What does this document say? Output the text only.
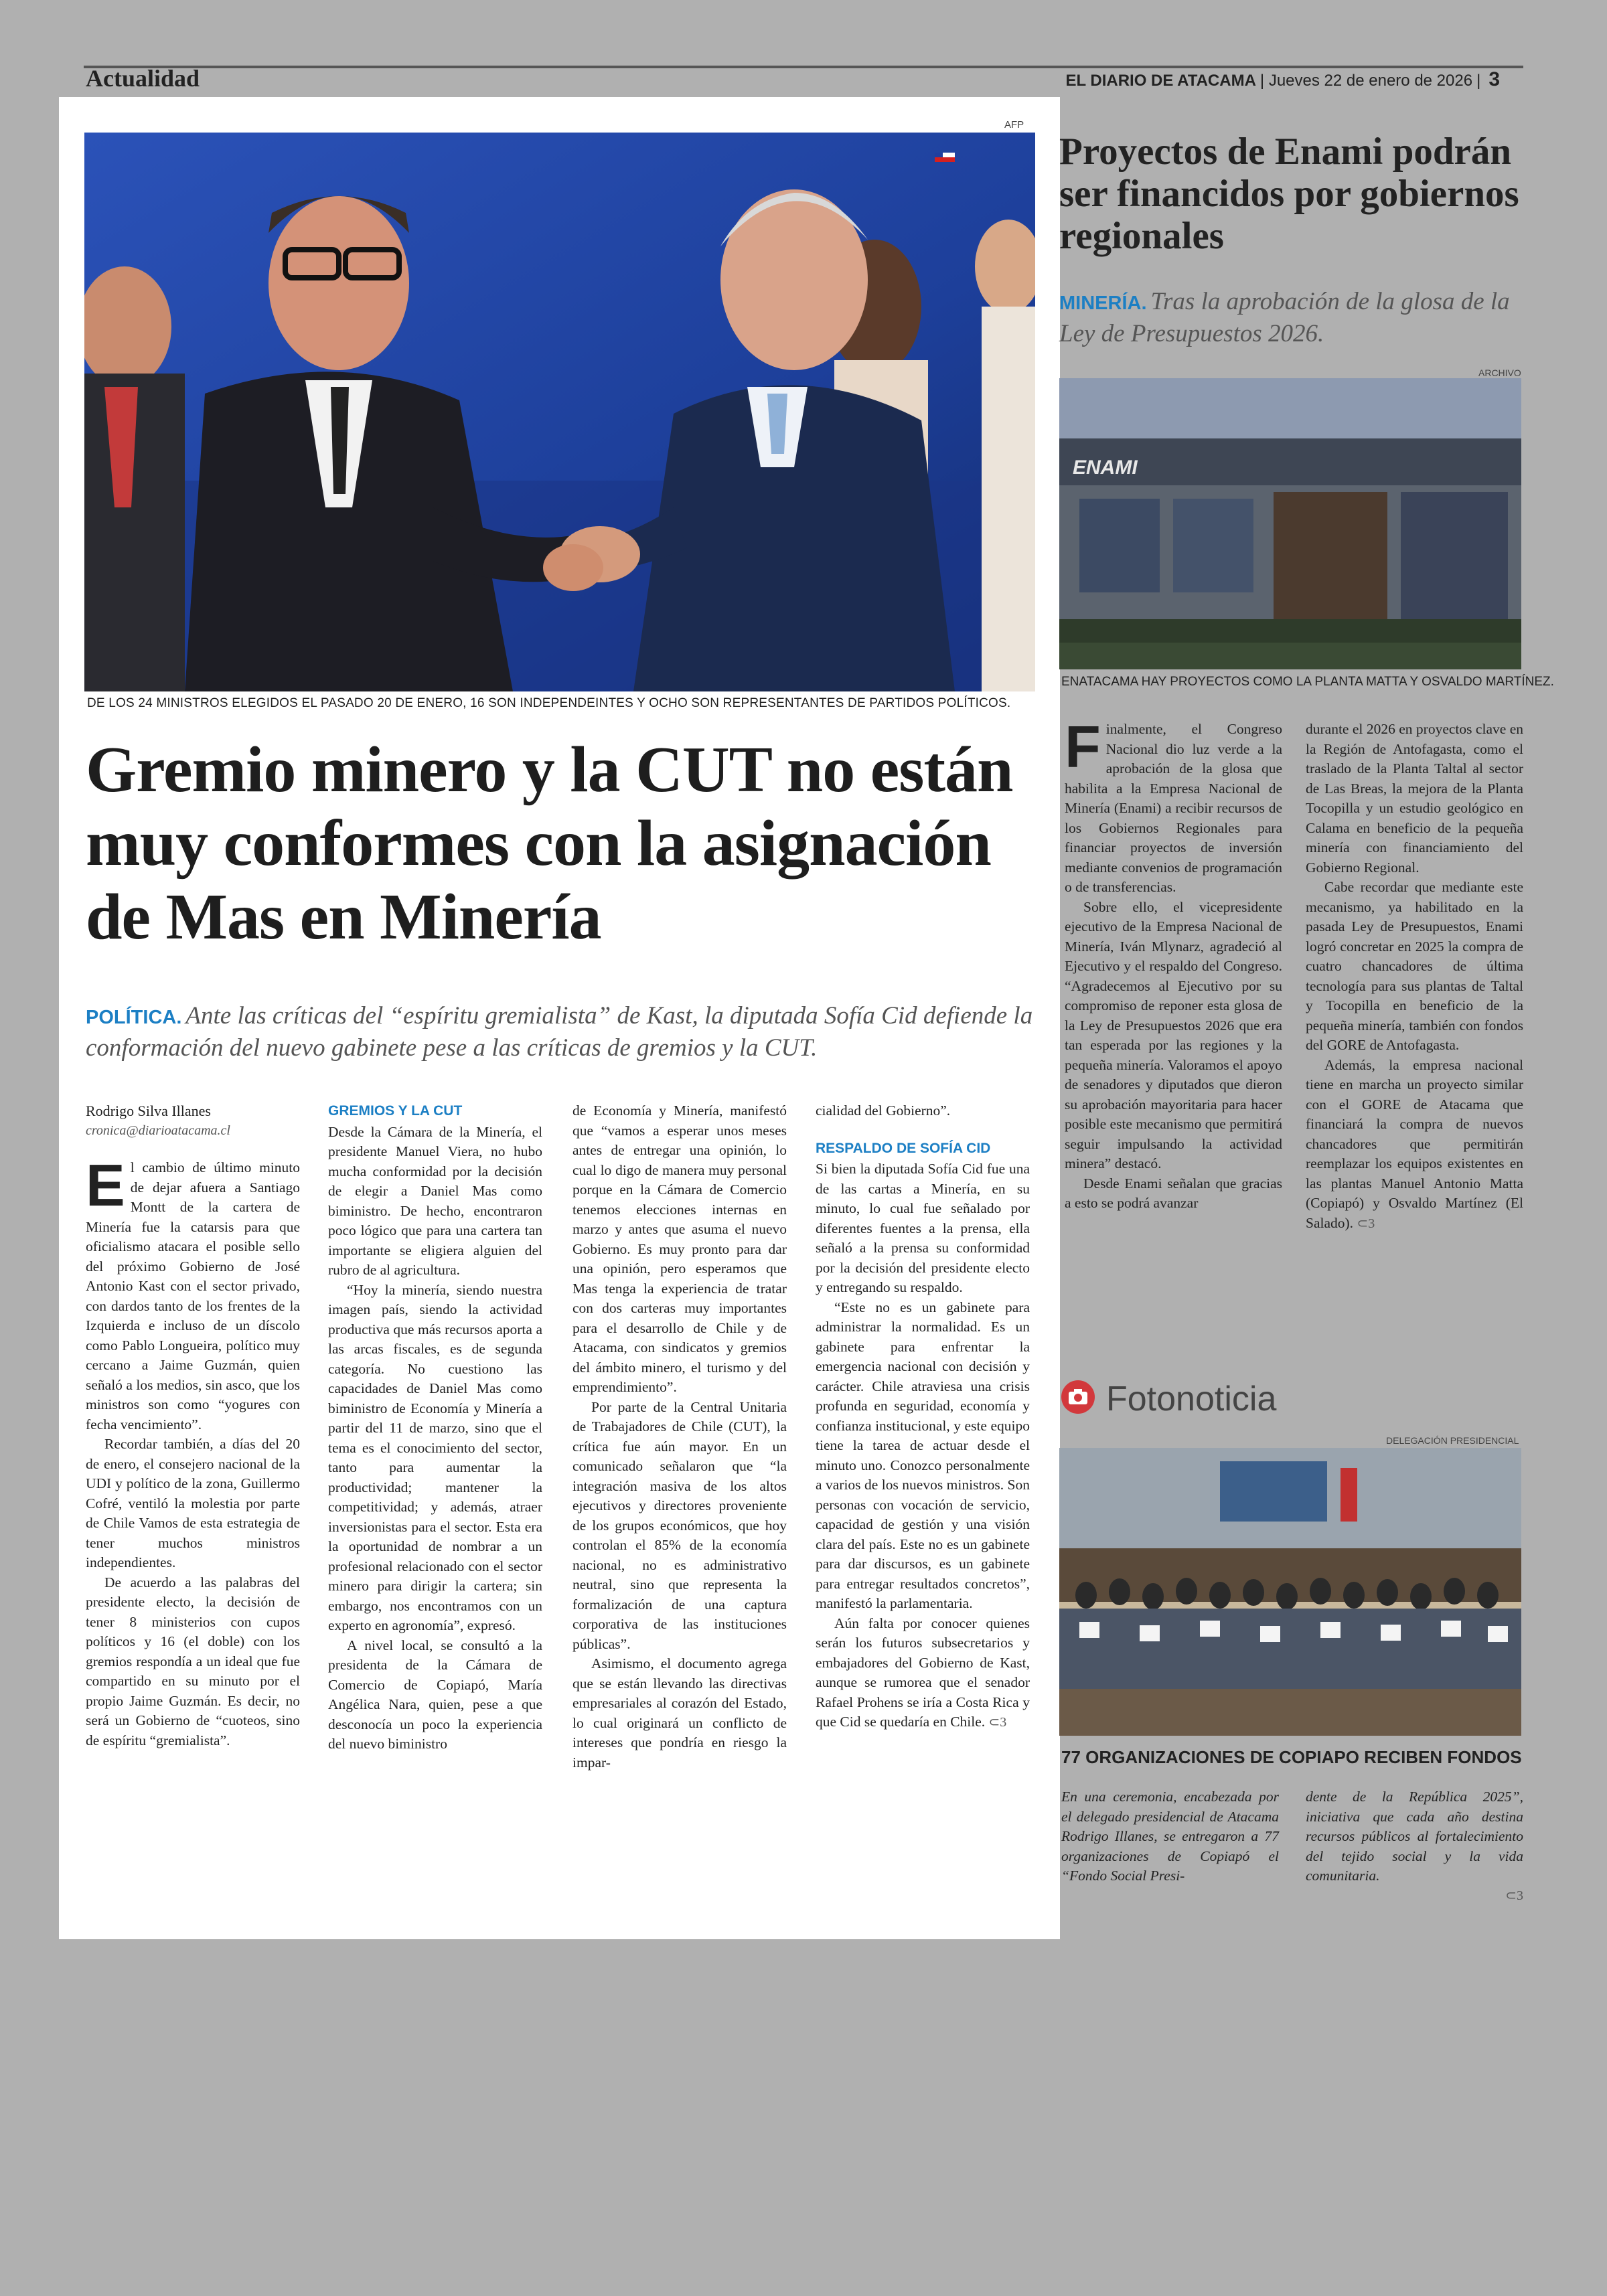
Actualidad	EL DIARIO DE ATACAMA | Jueves 22 de enero de 2026 | 3
AFP
DE LOS 24 MINISTROS ELEGIDOS EL PASADO 20 DE ENERO, 16 SON INDEPENDEINTES Y OCHO SON REPRESENTANTES DE PARTIDOS POLÍTICOS.
Gremio minero y la CUT no están muy conformes con la asignación de Mas en Minería
POLÍTICA. Ante las críticas del “espíritu gremialista” de Kast, la diputada Sofía Cid defiende la conformación del nuevo gabinete pese a las críticas de gremios y la CUT.
Rodrigo Silva Illanes
cronica@diarioatacama.cl

El cambio de último minuto de dejar afuera a Santiago Montt de la cartera de Minería fue la catarsis para que oficialismo atacara el posible sello del próximo Gobierno de José Antonio Kast con el sector privado, con dardos tanto de los frentes de la Izquierda e incluso de un díscolo como Pablo Longueira, político muy cercano a Jaime Guzmán, quien señaló a los medios, sin asco, que los ministros son como “yogures con fecha vencimiento”.

Recordar también, a días del 20 de enero, el consejero nacional de la UDI y político de la zona, Guillermo Cofré, ventiló la molestia por parte de Chile Vamos de esta estrategia de tener muchos ministros independientes.

De acuerdo a las palabras del presidente electo, la decisión de tener 8 ministerios con cupos políticos y 16 (el doble) con los gremios respondía a un ideal que fue compartido en su minuto por el propio Jaime Guzmán. Es decir, no será un Gobierno de “cuoteos, sino de espíritu “gremialista”.

GREMIOS Y LA CUT

Desde la Cámara de la Minería, el presidente Manuel Viera, no hubo mucha conformidad por la decisión de elegir a Daniel Mas como biministro. De hecho, encontraron poco lógico que para una cartera tan importante se eligiera alguien del rubro de al agricultura.

“Hoy la minería, siendo nuestra imagen país, siendo la actividad productiva que más recursos aporta a las arcas fiscales, es de segunda categoría. No cuestiono las capacidades de Daniel Mas como biministro de Economía y Minería a partir del 11 de marzo, sino que el tema es el conocimiento del sector, tanto para aumentar la productividad; mantener la competitividad; y además, atraer inversionistas para el sector. Esta era la oportunidad de nombrar a un profesional relacionado con el sector minero para dirigir la cartera; sin embargo, nos encontramos con un experto en agronomía”, expresó.

A nivel local, se consultó a la presidenta de la Cámara de Comercio de Copiapó, María Angélica Nara, quien, pese a que desconocía un poco la experiencia del nuevo biministro

de Economía y Minería, manifestó que “vamos a esperar unos meses antes de entregar una opinión, lo cual lo digo de manera muy personal porque en la Cámara de Comercio tenemos elecciones internas en marzo y antes que asuma el nuevo Gobierno. Es muy pronto para dar una opinión, pero esperamos que Mas tenga la experiencia de tratar con dos carteras muy importantes para el desarrollo de Chile y de Atacama, con sindicatos y gremios del ámbito minero, el turismo y del emprendimiento”.

Por parte de la Central Unitaria de Trabajadores de Chile (CUT), la crítica fue aún mayor. En un comunicado señalaron que “la integración masiva de los altos ejecutivos y directores proveniente de los grupos económicos, que hoy controlan el 85% de la economía nacional, no es administrativo neutral, sino que representa la formalización de una captura corporativa de las instituciones públicas”.

Asimismo, el documento agrega que se están llevando las directivas empresariales al corazón del Estado, lo cual originará un conflicto de intereses que pondría en riesgo la impar-

cialidad del Gobierno”.

RESPALDO DE SOFÍA CID

Si bien la diputada Sofía Cid fue una de las cartas a Minería, en su minuto, lo cual fue señalado por diferentes fuentes a la prensa, ella señaló a la prensa su conformidad por la decisión del presidente electo y entregando su respaldo.

“Este no es un gabinete para administrar la normalidad. Es un gabinete para enfrentar la emergencia nacional con decisión y carácter. Chile atraviesa una crisis profunda en seguridad, economía y confianza institucional, y este equipo tiene la tarea de actuar desde el minuto uno. Conozco personalmente a varios de los nuevos ministros. Son personas con vocación de servicio, capacidad de gestión y una visión clara del país. Este no es un gabinete para dar discursos, es un gabinete para entregar resultados concretos”, manifestó la parlamentaria.

Aún falta por conocer quienes serán los futuros subsecretarios y embajadores del Gobierno de Kast, aunque se rumorea que el senador Rafael Prohens se iría a Costa Rica y que Cid se quedaría en Chile. ⊂3

Proyectos de Enami podrán ser financidos por gobiernos regionales
MINERÍA. Tras la aprobación de la glosa de la Ley de Presupuestos 2026.
ARCHIVO
ENAMI
ENATACAMA HAY PROYECTOS COMO LA PLANTA MATTA Y OSVALDO MARTÍNEZ.

Finalmente, el Congreso Nacional dio luz verde a la aprobación de la glosa que habilita a la Empresa Nacional de Minería (Enami) a recibir recursos de los Gobiernos Regionales para financiar proyectos de inversión mediante convenios de programación o de transferencias.

Sobre ello, el vicepresidente ejecutivo de la Empresa Nacional de Minería, Iván Mlynarz, agradeció al Ejecutivo y el respaldo del Congreso. “Agradecemos al Ejecutivo por su compromiso de reponer esta glosa de la Ley de Presupuestos 2026 que era tan esperada por las regiones y la pequeña minería. Valoramos el apoyo de senadores y diputados que dieron su aprobación mayoritaria para hacer posible este mecanismo que permitirá seguir impulsando la actividad minera” destacó.

Desde Enami señalan que gracias a esto se podrá avanzar

durante el 2026 en proyectos clave en la Región de Antofagasta, como el traslado de la Planta Taltal al sector de Las Breas, la mejora de la Planta Tocopilla y un estudio geológico en Calama en beneficio de la pequeña minería con financiamiento del Gobierno Regional.

Cabe recordar que mediante este mecanismo, ya habilitado en la pasada Ley de Presupuestos, Enami logró concretar en 2025 la compra de cuatro chancadores de última tecnología para sus plantas de Taltal y Tocopilla en beneficio de la pequeña minería, también con fondos del GORE de Antofagasta.

Además, la empresa nacional tiene en marcha un proyecto similar con el GORE de Atacama que financiará la compra de nuevos chancadores que permitirán reemplazar los equipos existentes en las plantas Manuel Antonio Matta (Copiapó) y Osvaldo Martínez (El Salado). ⊂3

Fotonoticia
DELEGACIÓN PRESIDENCIAL
77 ORGANIZACIONES DE COPIAPO RECIBEN FONDOS

En una ceremonia, encabezada por el delegado presidencial de Atacama Rodrigo Illanes, se entregaron a 77 organizaciones de Copiapó el “Fondo Social Presi-

dente de la República 2025”, iniciativa que cada año destina recursos públicos al fortalecimiento del tejido social y la vida comunitaria.

⊂3
